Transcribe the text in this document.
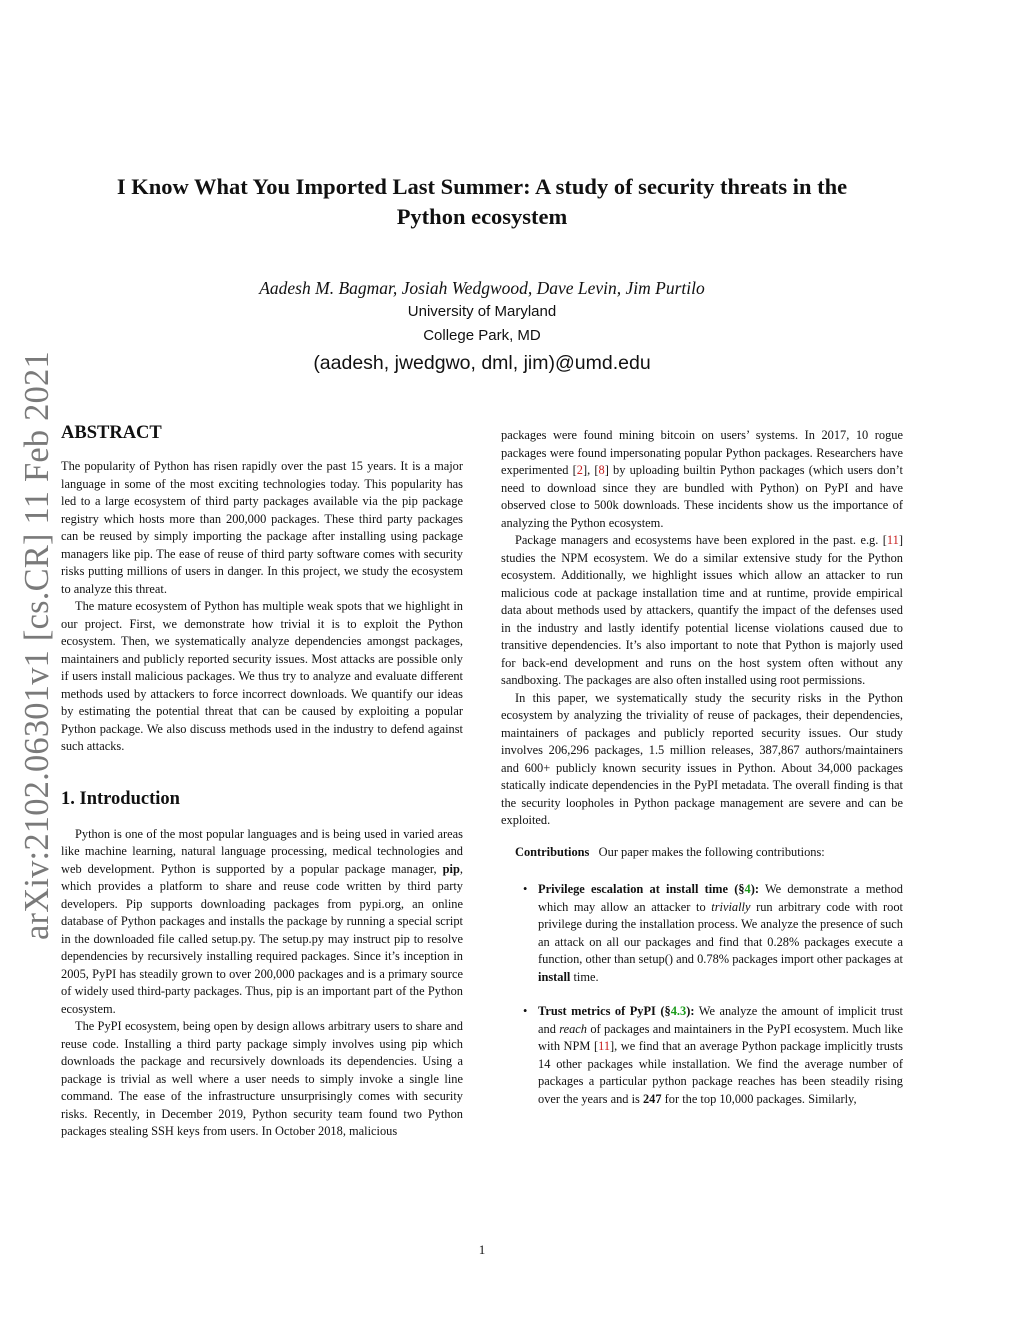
arXiv:2102.06301v1 [cs.CR] 11 Feb 2021
I Know What You Imported Last Summer: A study of security threats in the Python ecosystem
Aadesh M. Bagmar, Josiah Wedgwood, Dave Levin, Jim Purtilo
University of Maryland
College Park, MD
(aadesh, jwedgwo, dml, jim)@umd.edu
ABSTRACT

The popularity of Python has risen rapidly over the past 15 years. It is a major language in some of the most exciting technologies today. This popularity has led to a large ecosystem of third party packages available via the pip package registry which hosts more than 200,000 packages. These third party packages can be reused by simply importing the package after installing using package managers like pip. The ease of reuse of third party software comes with security risks putting millions of users in danger. In this project, we study the ecosystem to analyze this threat.

The mature ecosystem of Python has multiple weak spots that we highlight in our project. First, we demonstrate how trivial it is to exploit the Python ecosystem. Then, we systematically analyze dependencies amongst packages, maintainers and publicly reported security issues. Most attacks are possible only if users install malicious packages. We thus try to analyze and evaluate different methods used by attackers to force incorrect downloads. We quantify our ideas by estimating the potential threat that can be caused by exploiting a popular Python package. We also discuss methods used in the industry to defend against such attacks.

1. Introduction

Python is one of the most popular languages and is being used in varied areas like machine learning, natural language processing, medical technologies and web development. Python is supported by a popular package manager, pip, which provides a platform to share and reuse code written by third party developers. Pip supports downloading packages from pypi.org, an online database of Python packages and installs the package by running a special script in the downloaded file called setup.py. The setup.py may instruct pip to resolve dependencies by recursively installing required packages. Since it’s inception in 2005, PyPI has steadily grown to over 200,000 packages and is a primary source of widely used third-party packages. Thus, pip is an important part of the Python ecosystem.

The PyPI ecosystem, being open by design allows arbitrary users to share and reuse code. Installing a third party package simply involves using pip which downloads the package and recursively downloads its dependencies. Using a package is trivial as well where a user needs to simply invoke a single line command. The ease of the infrastructure unsurprisingly comes with security risks. Recently, in December 2019, Python security team found two Python packages stealing SSH keys from users. In October 2018, malicious

packages were found mining bitcoin on users’ systems. In 2017, 10 rogue packages were found impersonating popular Python packages. Researchers have experimented [2], [8] by uploading builtin Python packages (which users don’t need to download since they are bundled with Python) on PyPI and have observed close to 500k downloads. These incidents show us the importance of analyzing the Python ecosystem.

Package managers and ecosystems have been explored in the past. e.g. [11] studies the NPM ecosystem. We do a similar extensive study for the Python ecosystem. Additionally, we highlight issues which allow an attacker to run malicious code at package installation time and at runtime, provide empirical data about methods used by attackers, quantify the impact of the defenses used in the industry and lastly identify potential license violations caused due to transitive dependencies. It’s also important to note that Python is majorly used for back-end development and runs on the host system often without any sandboxing. The packages are also often installed using root permissions.

In this paper, we systematically study the security risks in the Python ecosystem by analyzing the triviality of reuse of packages, their dependencies, maintainers of packages and publicly reported security issues. Our study involves 206,296 packages, 1.5 million releases, 387,867 authors/maintainers and 600+ publicly known security issues in Python. About 34,000 packages statically indicate dependencies in the PyPI metadata. The overall finding is that the security loopholes in Python package management are severe and can be exploited.

Contributions Our paper makes the following contributions:

• Privilege escalation at install time (§4): We demonstrate a method which may allow an attacker to trivially run arbitrary code with root privilege during the installation process. We analyze the presence of such an attack on all our packages and find that 0.28% packages execute a function, other than setup() and 0.78% packages import other packages at install time.
• Trust metrics of PyPI (§4.3): We analyze the amount of implicit trust and reach of packages and maintainers in the PyPI ecosystem. Much like with NPM [11], we find that an average Python package implicitly trusts 14 other packages while installation. We find the average number of packages a particular python package reaches has been steadily rising over the years and is 247 for the top 10,000 packages. Similarly,
1
